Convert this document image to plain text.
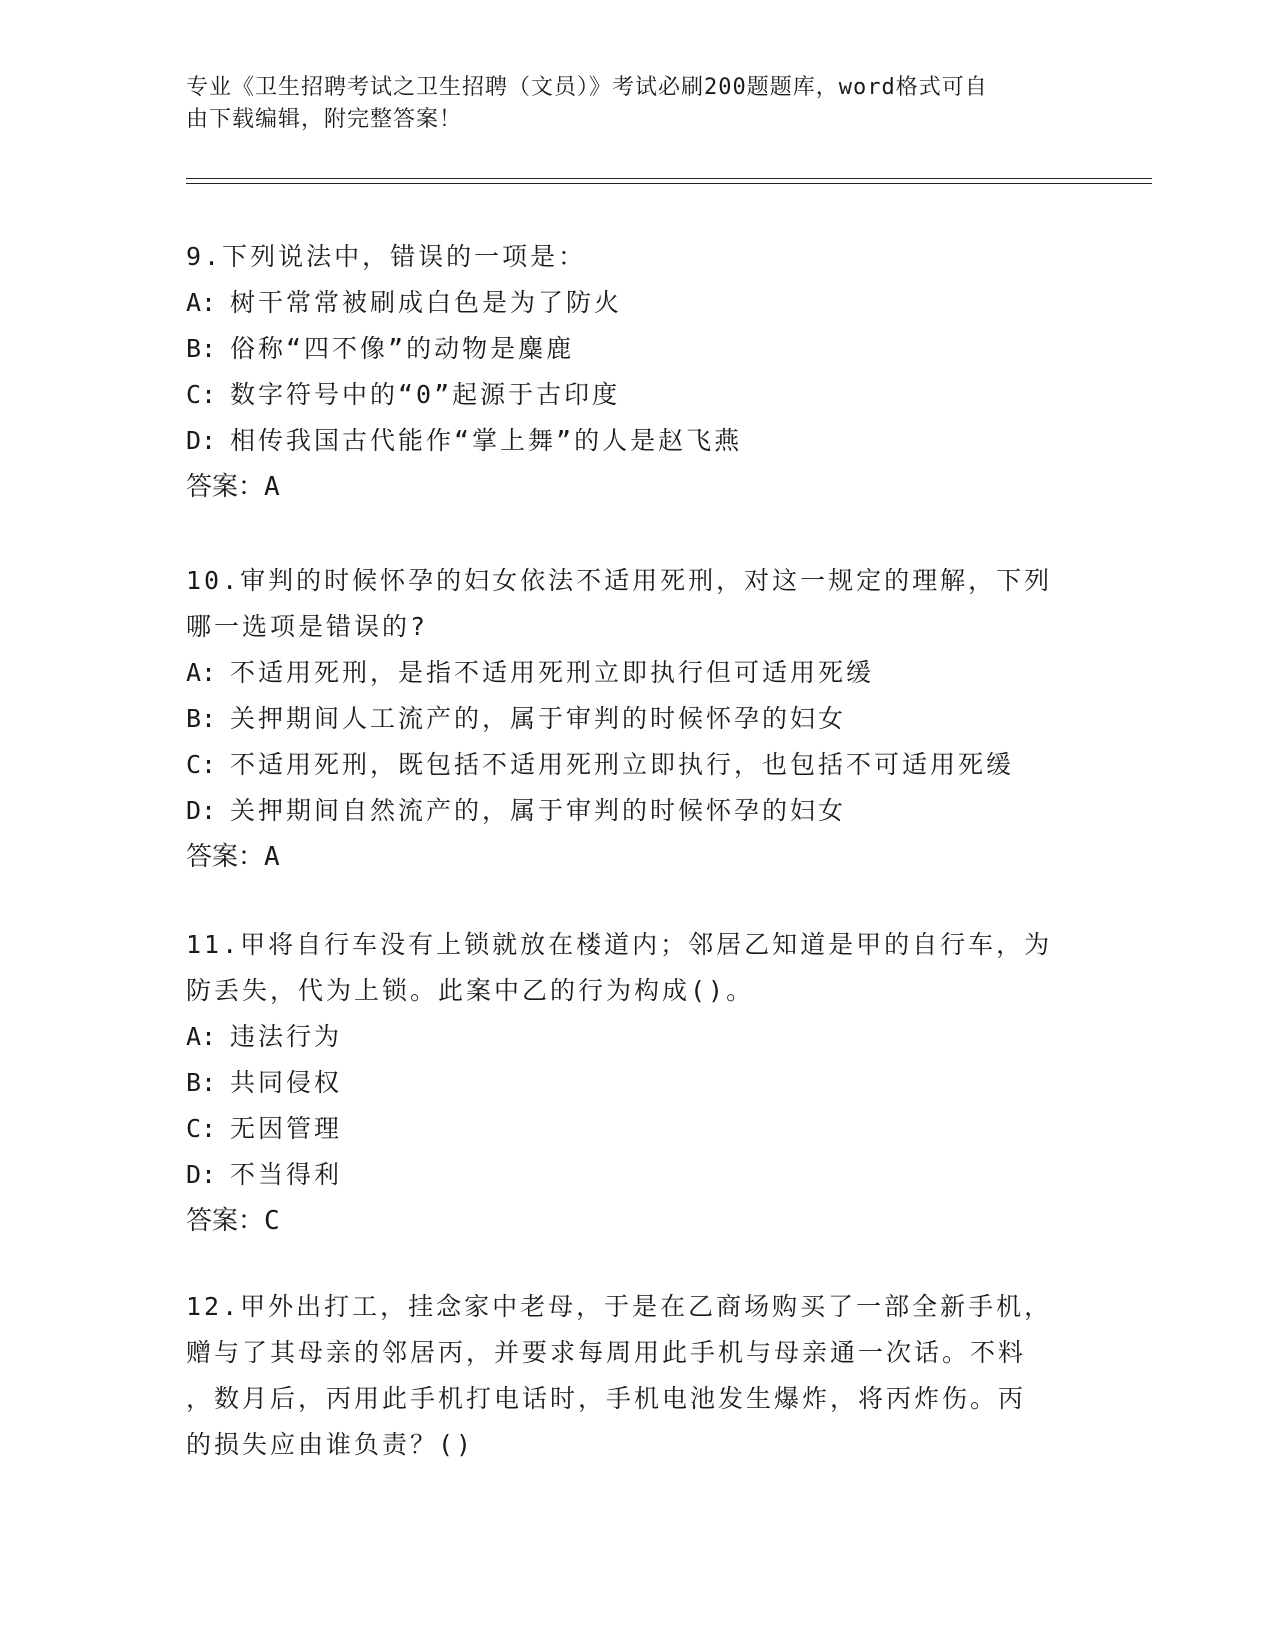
专业《卫生招聘考试之卫生招聘（文员）》考试必刷200题题库，word格式可自
由下载编辑，附完整答案！
9.下列说法中，错误的一项是：
A: 树干常常被刷成白色是为了防火
B: 俗称“四不像”的动物是麋鹿
C: 数字符号中的“0”起源于古印度
D: 相传我国古代能作“掌上舞”的人是赵飞燕
答案：A
10.审判的时候怀孕的妇女依法不适用死刑，对这一规定的理解，下列
哪一选项是错误的?
A: 不适用死刑，是指不适用死刑立即执行但可适用死缓
B: 关押期间人工流产的，属于审判的时候怀孕的妇女
C: 不适用死刑，既包括不适用死刑立即执行，也包括不可适用死缓
D: 关押期间自然流产的，属于审判的时候怀孕的妇女
答案：A
11.甲将自行车没有上锁就放在楼道内；邻居乙知道是甲的自行车，为
防丢失，代为上锁。此案中乙的行为构成()。
A: 违法行为
B: 共同侵权
C: 无因管理
D: 不当得利
答案：C
12.甲外出打工，挂念家中老母，于是在乙商场购买了一部全新手机，
赠与了其母亲的邻居丙，并要求每周用此手机与母亲通一次话。不料
，数月后，丙用此手机打电话时，手机电池发生爆炸，将丙炸伤。丙
的损失应由谁负责？()
